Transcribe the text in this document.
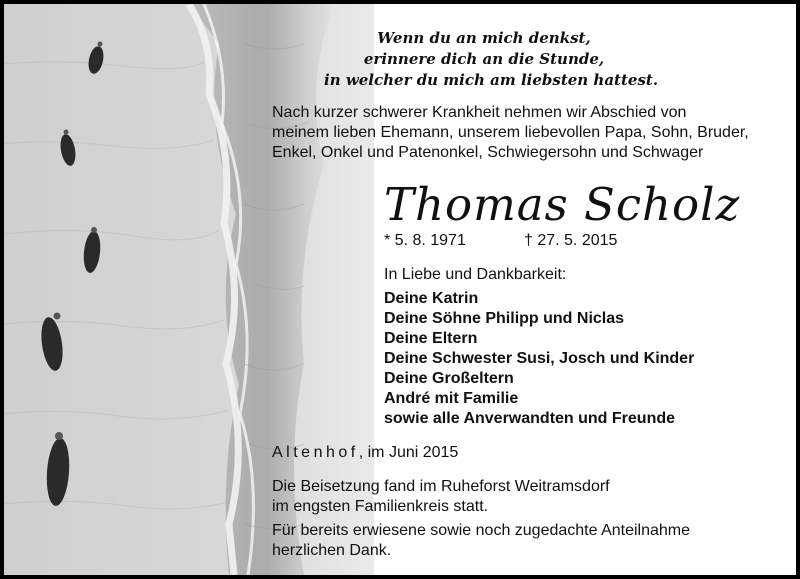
Wenn du an mich denkst,
erinnere dich an die Stunde,
in welcher du mich am liebsten hattest.
Nach kurzer schwerer Krankheit nehmen wir Abschied von
meinem lieben Ehemann, unserem liebevollen Papa, Sohn, Bruder,
Enkel, Onkel und Patenonkel, Schwiegersohn und Schwager
Thomas Scholz
* 5. 8. 1971	† 27. 5. 2015
In Liebe und Dankbarkeit:
Deine Katrin
Deine Söhne Philipp und Niclas
Deine Eltern
Deine Schwester Susi, Josch und Kinder
Deine Großeltern
André mit Familie
sowie alle Anverwandten und Freunde
Altenhof, im Juni 2015
Die Beisetzung fand im Ruheforst Weitramsdorf
im engsten Familienkreis statt.
Für bereits erwiesene sowie noch zugedachte Anteilnahme
herzlichen Dank.
